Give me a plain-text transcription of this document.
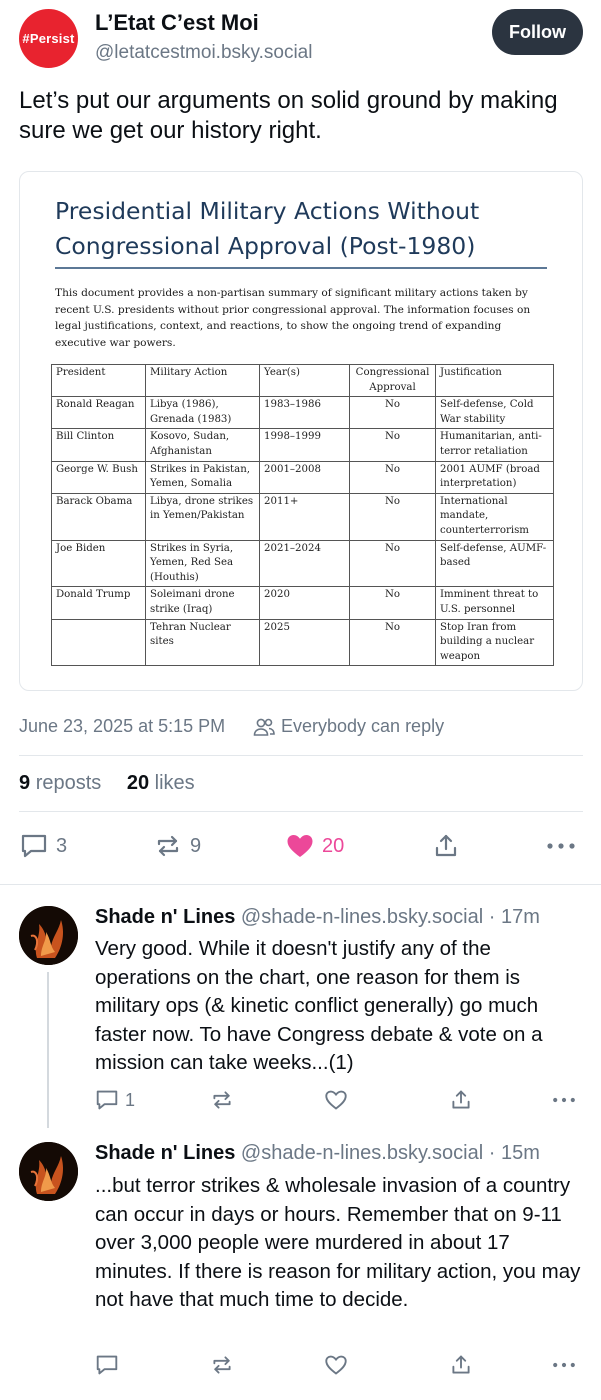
#Persist
L’Etat C’est Moi
@letatcestmoi.bsky.social
Follow
Let’s put our arguments on solid ground by making sure we get our history right.
Presidential Military Actions Without
Congressional Approval (Post-1980)
This document provides a non-partisan summary of significant military actions taken by recent U.S. presidents without prior congressional approval. The information focuses on legal justifications, context, and reactions, to show the ongoing trend of expanding executive war powers.
President	Military Action	Year(s)	Congressional Approval	Justification
Ronald Reagan	Libya (1986), Grenada (1983)	1983–1986	No	Self-defense, Cold War stability
Bill Clinton	Kosovo, Sudan, Afghanistan	1998–1999	No	Humanitarian, anti-terror retaliation
George W. Bush	Strikes in Pakistan, Yemen, Somalia	2001–2008	No	2001 AUMF (broad interpretation)
Barack Obama	Libya, drone strikes in Yemen/Pakistan	2011+	No	International mandate, counterterrorism
Joe Biden	Strikes in Syria, Yemen, Red Sea (Houthis)	2021–2024	No	Self-defense, AUMF-based
Donald Trump	Soleimani drone strike (Iraq)	2020	No	Imminent threat to U.S. personnel
	Tehran Nuclear sites	2025	No	Stop Iran from building a nuclear weapon
June 23, 2025 at 5:15 PM	Everybody can reply
9 reposts 20 likes
3	9	20
Shade n' Lines @shade-n-lines.bsky.social · 17m
Very good. While it doesn't justify any of the operations on the chart, one reason for them is military ops (& kinetic conflict generally) go much faster now. To have Congress debate & vote on a mission can take weeks...(1)
1
Shade n' Lines @shade-n-lines.bsky.social · 15m
...but terror strikes & wholesale invasion of a country can occur in days or hours. Remember that on 9-11 over 3,000 people were murdered in about 17 minutes. If there is reason for military action, you may not have that much time to decide.
